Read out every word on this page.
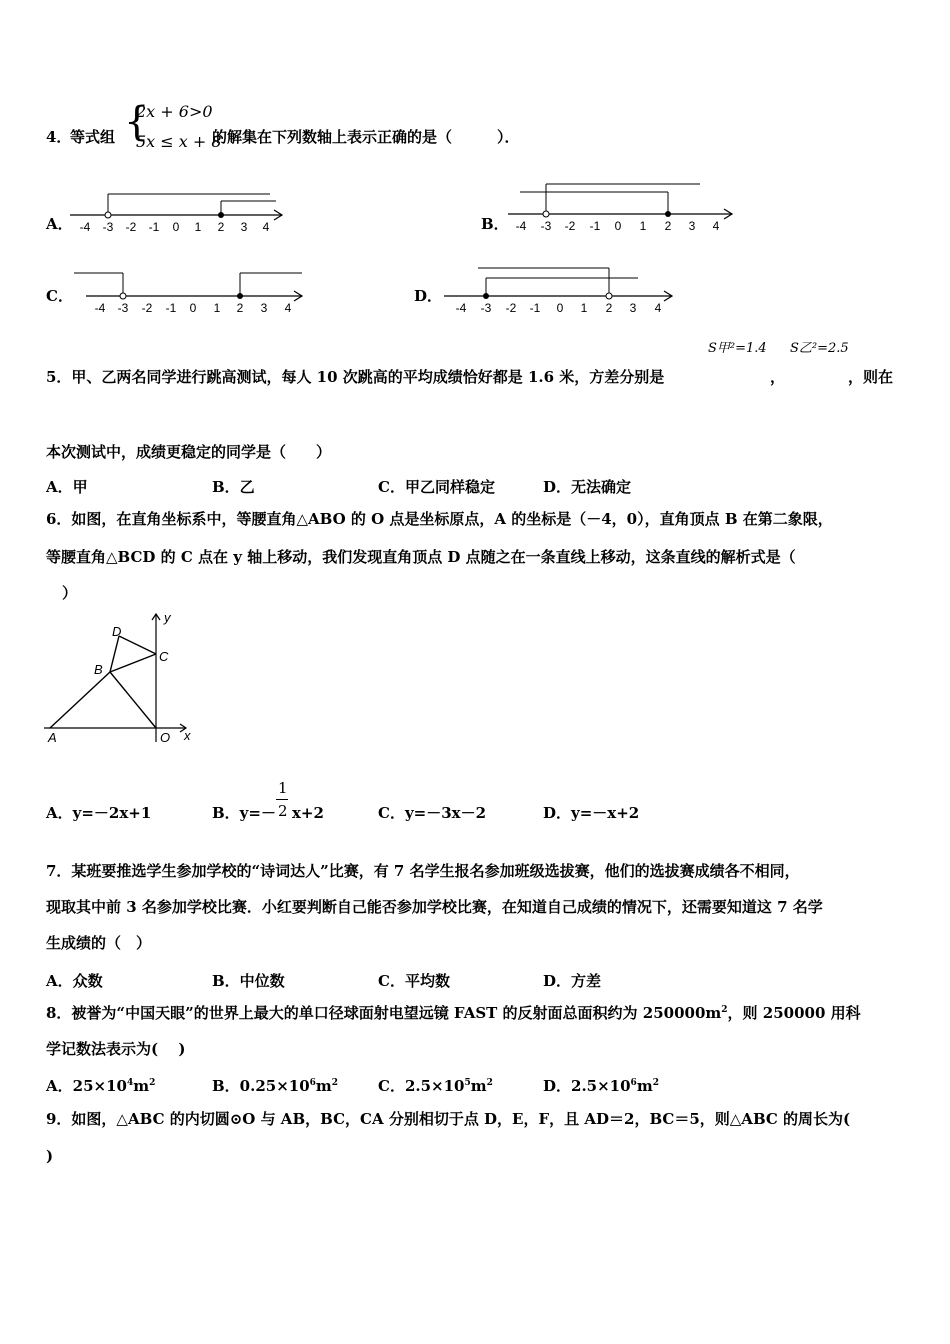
4．
等式组 {
2x + 6>0
5x ≤ x + 8
的解集在下列数轴上表示正确的是（　　　）．
A．	B．
C．	D．
-4 -3 -2 -1 0 1 2 3 4	-4 -3 -2 -1 0 1 2 3 4
-4 -3 -2 -1 0 1 2 3 4	-4 -3 -2 -1 0 1 2 3 4
S甲²=1.4 S乙²=2.5
5．甲、乙两名同学进行跳高测试，每人 10 次跳高的平均成绩恰好都是 1.6 米，方差分别是	，	，则在
本次测试中，成绩更稳定的同学是（　　）
A．甲	B．乙	C．甲乙同样稳定	D．无法确定
6．如图，在直角坐标系中，等腰直角△ABO 的 O 点是坐标原点，A 的坐标是（－4，0），直角顶点 B 在第二象限，
等腰直角△BCD 的 C 点在 y 轴上移动，我们发现直角顶点 D 点随之在一条直线上移动，这条直线的解析式是（
）
D
C
B
A	O x
y
A．y=－2x+1	B．$y=- \frac{1}{2} x+2$	C．y=－3x－2	D．y=－x+2
7．某班要推选学生参加学校的“诗词达人”比赛，有 7 名学生报名参加班级选拔赛，他们的选拔赛成绩各不相同，
现取其中前 3 名参加学校比赛．小红要判断自己能否参加学校比赛，在知道自己成绩的情况下，还需要知道这 7 名学
生成绩的（　）
A．众数	B．中位数	C．平均数	D．方差
8．被誉为“中国天眼”的世界上最大的单口径球面射电望远镜 FAST 的反射面总面积约为 $250000m^2$，则 250000 用科
学记数法表示为(　 )
A．$25\times 10^4m^2$	B．$0.25\times 10^6m^2$	C．$2.5\times 10^5m^2$	D．$2.5\times 10^6m^2$
9．如图，△ABC 的内切圆⊙O 与 AB，BC，CA 分别相切于点 D，E，F，且 AD＝2，BC＝5，则△ABC 的周长为(
)
